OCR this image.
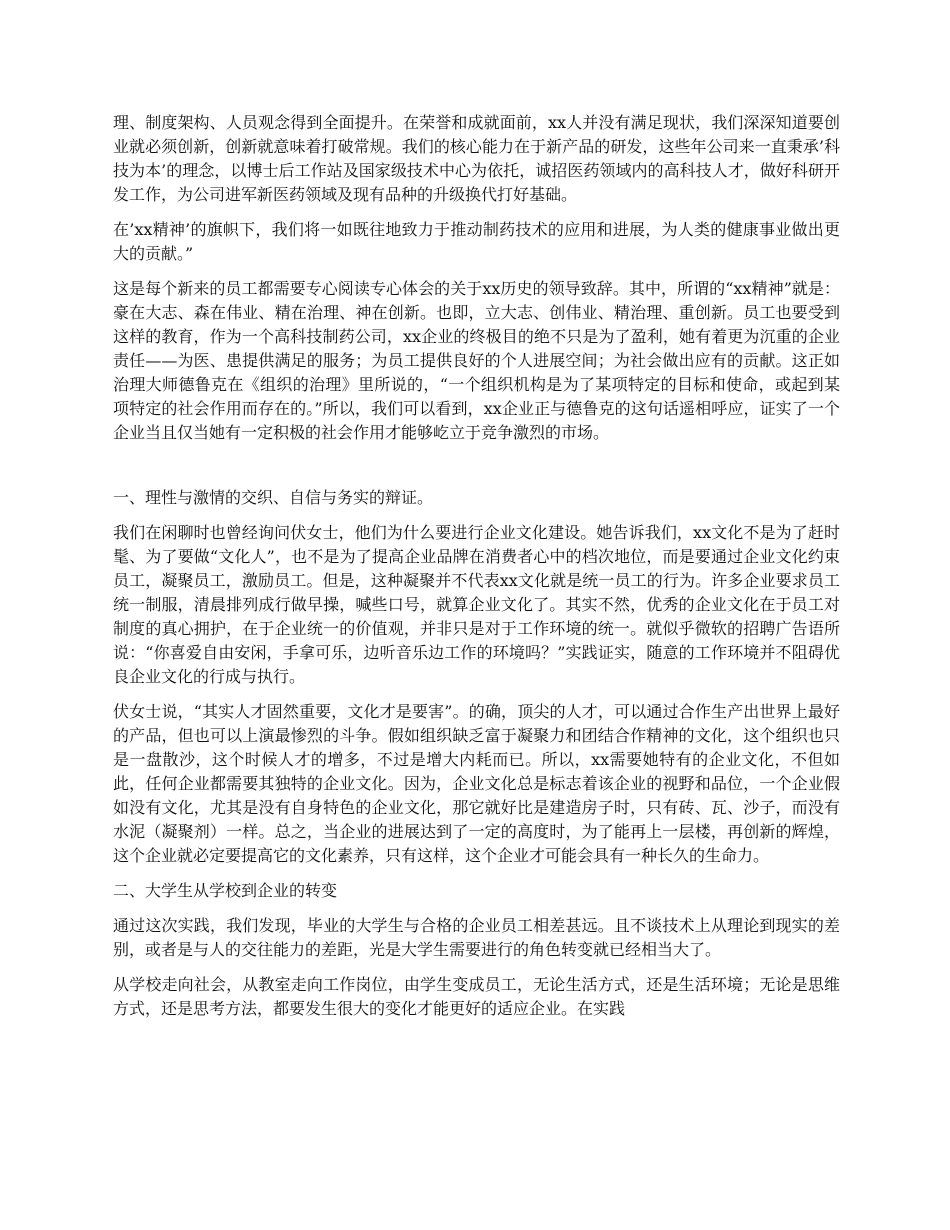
理、制度架构、人员观念得到全面提升。在荣誉和成就面前，xx人并没有满足现状，我们深深知道要创业就必须创新，创新就意味着打破常规。我们的核心能力在于新产品的研发，这些年公司来一直秉承’科技为本’的理念，以博士后工作站及国家级技术中心为依托，诚招医药领域内的高科技人才，做好科研开发工作，为公司进军新医药领域及现有品种的升级换代打好基础。

在’xx精神’的旗帜下，我们将一如既往地致力于推动制药技术的应用和进展，为人类的健康事业做出更大的贡献。”

这是每个新来的员工都需要专心阅读专心体会的关于xx历史的领导致辞。其中，所谓的“xx精神”就是：豪在大志、森在伟业、精在治理、神在创新。也即，立大志、创伟业、精治理、重创新。员工也要受到这样的教育，作为一个高科技制药公司，xx企业的终极目的绝不只是为了盈利，她有着更为沉重的企业责任——为医、患提供满足的服务；为员工提供良好的个人进展空间；为社会做出应有的贡献。这正如治理大师德鲁克在《组织的治理》里所说的，“一个组织机构是为了某项特定的目标和使命，或起到某项特定的社会作用而存在的。”所以，我们可以看到，xx企业正与德鲁克的这句话遥相呼应，证实了一个企业当且仅当她有一定积极的社会作用才能够屹立于竞争激烈的市场。

一、理性与激情的交织、自信与务实的辩证。

我们在闲聊时也曾经询问伏女士，他们为什么要进行企业文化建设。她告诉我们，xx文化不是为了赶时髦、为了要做“文化人”，也不是为了提高企业品牌在消费者心中的档次地位，而是要通过企业文化约束员工，凝聚员工，激励员工。但是，这种凝聚并不代表xx文化就是统一员工的行为。许多企业要求员工统一制服，清晨排列成行做早操，喊些口号，就算企业文化了。其实不然，优秀的企业文化在于员工对制度的真心拥护，在于企业统一的价值观，并非只是对于工作环境的统一。就似乎微软的招聘广告语所说：“你喜爱自由安闲，手拿可乐，边听音乐边工作的环境吗？”实践证实，随意的工作环境并不阻碍优良企业文化的行成与执行。

伏女士说，“其实人才固然重要，文化才是要害”。的确，顶尖的人才，可以通过合作生产出世界上最好的产品，但也可以上演最惨烈的斗争。假如组织缺乏富于凝聚力和团结合作精神的文化，这个组织也只是一盘散沙，这个时候人才的增多，不过是增大内耗而已。所以，xx需要她特有的企业文化，不但如此，任何企业都需要其独特的企业文化。因为，企业文化总是标志着该企业的视野和品位，一个企业假如没有文化，尤其是没有自身特色的企业文化，那它就好比是建造房子时，只有砖、瓦、沙子，而没有水泥（凝聚剂）一样。总之，当企业的进展达到了一定的高度时，为了能再上一层楼，再创新的辉煌，这个企业就必定要提高它的文化素养，只有这样，这个企业才可能会具有一种长久的生命力。

二、大学生从学校到企业的转变

通过这次实践，我们发现，毕业的大学生与合格的企业员工相差甚远。且不谈技术上从理论到现实的差别，或者是与人的交往能力的差距，光是大学生需要进行的角色转变就已经相当大了。

从学校走向社会，从教室走向工作岗位，由学生变成员工，无论生活方式，还是生活环境；无论是思维方式，还是思考方法，都要发生很大的变化才能更好的适应企业。在实践
